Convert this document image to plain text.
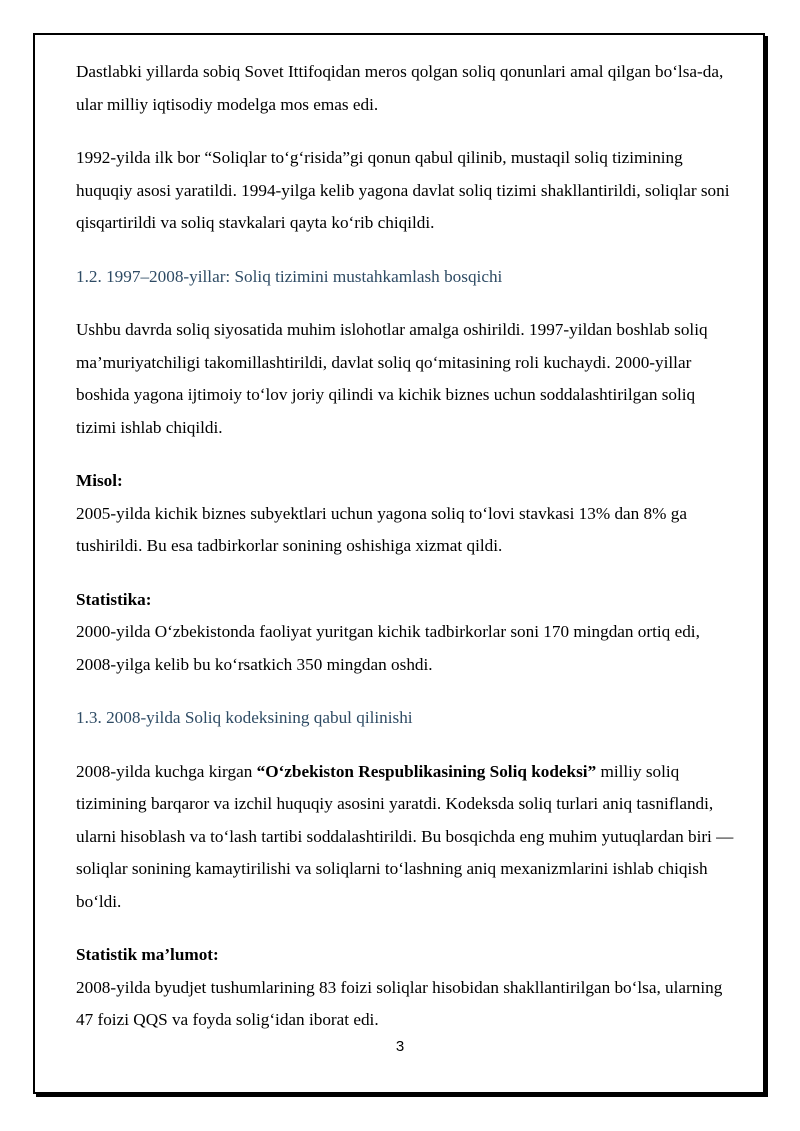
Dastlabki yillarda sobiq Sovet Ittifoqidan meros qolgan soliq qonunlari amal qilgan bo‘lsa-da, ular milliy iqtisodiy modelga mos emas edi.

1992-yilda ilk bor “Soliqlar to‘g‘risida”gi qonun qabul qilinib, mustaqil soliq tizimining huquqiy asosi yaratildi. 1994-yilga kelib yagona davlat soliq tizimi shakllantirildi, soliqlar soni qisqartirildi va soliq stavkalari qayta ko‘rib chiqildi.

1.2. 1997–2008-yillar: Soliq tizimini mustahkamlash bosqichi

Ushbu davrda soliq siyosatida muhim islohotlar amalga oshirildi. 1997-yildan boshlab soliq ma’muriyatchiligi takomillashtirildi, davlat soliq qo‘mitasining roli kuchaydi. 2000-yillar boshida yagona ijtimoiy to‘lov joriy qilindi va kichik biznes uchun soddalashtirilgan soliq tizimi ishlab chiqildi.

Misol:

2005-yilda kichik biznes subyektlari uchun yagona soliq to‘lovi stavkasi 13% dan 8% ga tushirildi. Bu esa tadbirkorlar sonining oshishiga xizmat qildi.

Statistika:

2000-yilda O‘zbekistonda faoliyat yuritgan kichik tadbirkorlar soni 170 mingdan ortiq edi, 2008-yilga kelib bu ko‘rsatkich 350 mingdan oshdi.

1.3. 2008-yilda Soliq kodeksining qabul qilinishi

2008-yilda kuchga kirgan “O‘zbekiston Respublikasining Soliq kodeksi” milliy soliq tizimining barqaror va izchil huquqiy asosini yaratdi. Kodeksda soliq turlari aniq tasniflandi, ularni hisoblash va to‘lash tartibi soddalashtirildi. Bu bosqichda eng muhim yutuqlardan biri — soliqlar sonining kamaytirilishi va soliqlarni to‘lashning aniq mexanizmlarini ishlab chiqish bo‘ldi.

Statistik ma’lumot:

2008-yilda byudjet tushumlarining 83 foizi soliqlar hisobidan shakllantirilgan bo‘lsa, ularning 47 foizi QQS va foyda solig‘idan iborat edi.

3
